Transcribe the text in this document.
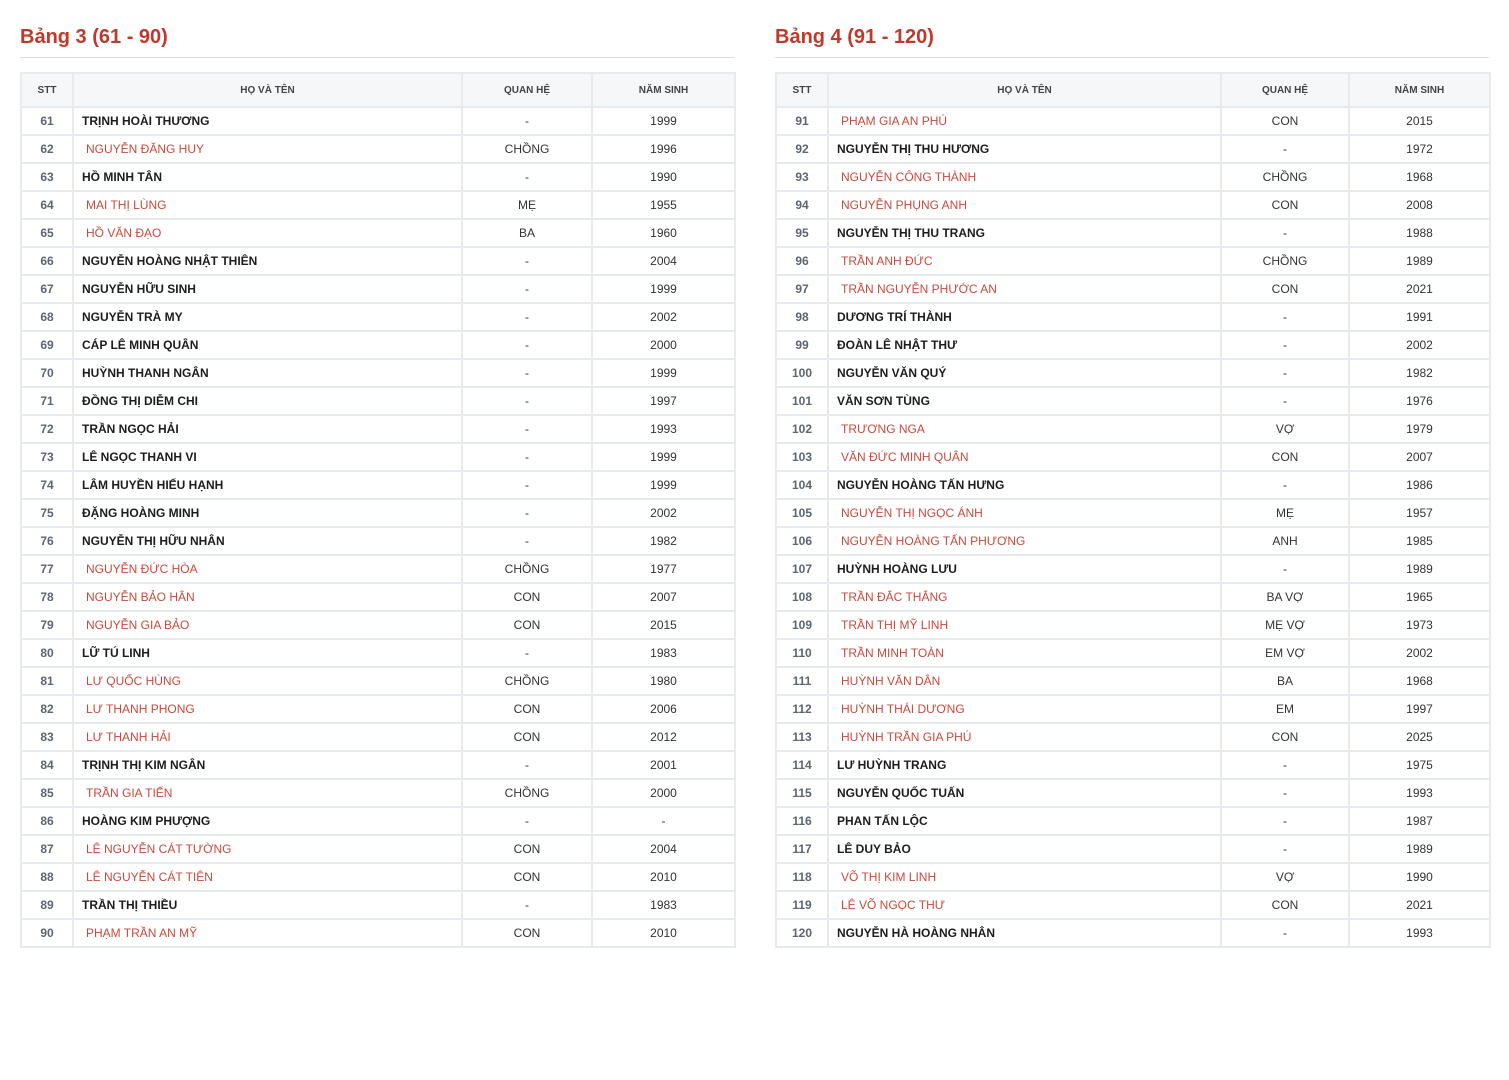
Bảng 3 (61 - 90)
STT	HỌ VÀ TÊN	QUAN HỆ	NĂM SINH
61	TRỊNH HOÀI THƯƠNG	-	1999
62	NGUYỄN ĐĂNG HUY	CHỒNG	1996
63	HỒ MINH TÂN	-	1990
64	MAI THỊ LÙNG	MẸ	1955
65	HỒ VĂN ĐẠO	BA	1960
66	NGUYỄN HOÀNG NHẬT THIÊN	-	2004
67	NGUYỄN HỮU SINH	-	1999
68	NGUYỄN TRÀ MY	-	2002
69	CÁP LÊ MINH QUÂN	-	2000
70	HUỲNH THANH NGÂN	-	1999
71	ĐỒNG THỊ DIỄM CHI	-	1997
72	TRẦN NGỌC HẢI	-	1993
73	LÊ NGỌC THANH VI	-	1999
74	LÂM HUYỀN HIẾU HẠNH	-	1999
75	ĐẶNG HOÀNG MINH	-	2002
76	NGUYỄN THỊ HỮU NHÂN	-	1982
77	NGUYỄN ĐỨC HÒA	CHỒNG	1977
78	NGUYỄN BẢO HÂN	CON	2007
79	NGUYỄN GIA BẢO	CON	2015
80	LỮ TÚ LINH	-	1983
81	LƯ QUỐC HÙNG	CHỒNG	1980
82	LƯ THANH PHONG	CON	2006
83	LƯ THANH HẢI	CON	2012
84	TRỊNH THỊ KIM NGÂN	-	2001
85	TRẦN GIA TIẾN	CHỒNG	2000
86	HOÀNG KIM PHƯỢNG	-	-
87	LÊ NGUYỄN CÁT TƯỜNG	CON	2004
88	LÊ NGUYỄN CÁT TIÊN	CON	2010
89	TRẦN THỊ THIỀU	-	1983
90	PHẠM TRẦN AN MỸ	CON	2010
Bảng 4 (91 - 120)
STT	HỌ VÀ TÊN	QUAN HỆ	NĂM SINH
91	PHẠM GIA AN PHÚ	CON	2015
92	NGUYỄN THỊ THU HƯƠNG	-	1972
93	NGUYỄN CÔNG THÀNH	CHỒNG	1968
94	NGUYỄN PHỤNG ANH	CON	2008
95	NGUYỄN THỊ THU TRANG	-	1988
96	TRẦN ANH ĐỨC	CHỒNG	1989
97	TRẦN NGUYỄN PHƯỚC AN	CON	2021
98	DƯƠNG TRÍ THÀNH	-	1991
99	ĐOÀN LÊ NHẬT THƯ	-	2002
100	NGUYỄN VĂN QUÝ	-	1982
101	VĂN SƠN TÙNG	-	1976
102	TRƯƠNG NGA	VỢ	1979
103	VĂN ĐỨC MINH QUÂN	CON	2007
104	NGUYỄN HOÀNG TẤN HƯNG	-	1986
105	NGUYỄN THỊ NGỌC ÁNH	MẸ	1957
106	NGUYỄN HOÀNG TẤN PHƯƠNG	ANH	1985
107	HUỲNH HOÀNG LƯU	-	1989
108	TRẦN ĐẮC THẮNG	BA VỢ	1965
109	TRẦN THỊ MỸ LINH	MẸ VỢ	1973
110	TRẦN MINH TOÀN	EM VỢ	2002
111	HUỲNH VĂN DÂN	BA	1968
112	HUỲNH THÁI DƯƠNG	EM	1997
113	HUỲNH TRẦN GIA PHÚ	CON	2025
114	LƯ HUỲNH TRANG	-	1975
115	NGUYỄN QUỐC TUẤN	-	1993
116	PHAN TẤN LỘC	-	1987
117	LÊ DUY BẢO	-	1989
118	VÕ THỊ KIM LINH	VỢ	1990
119	LÊ VÕ NGỌC THƯ	CON	2021
120	NGUYỄN HÀ HOÀNG NHÂN	-	1993
